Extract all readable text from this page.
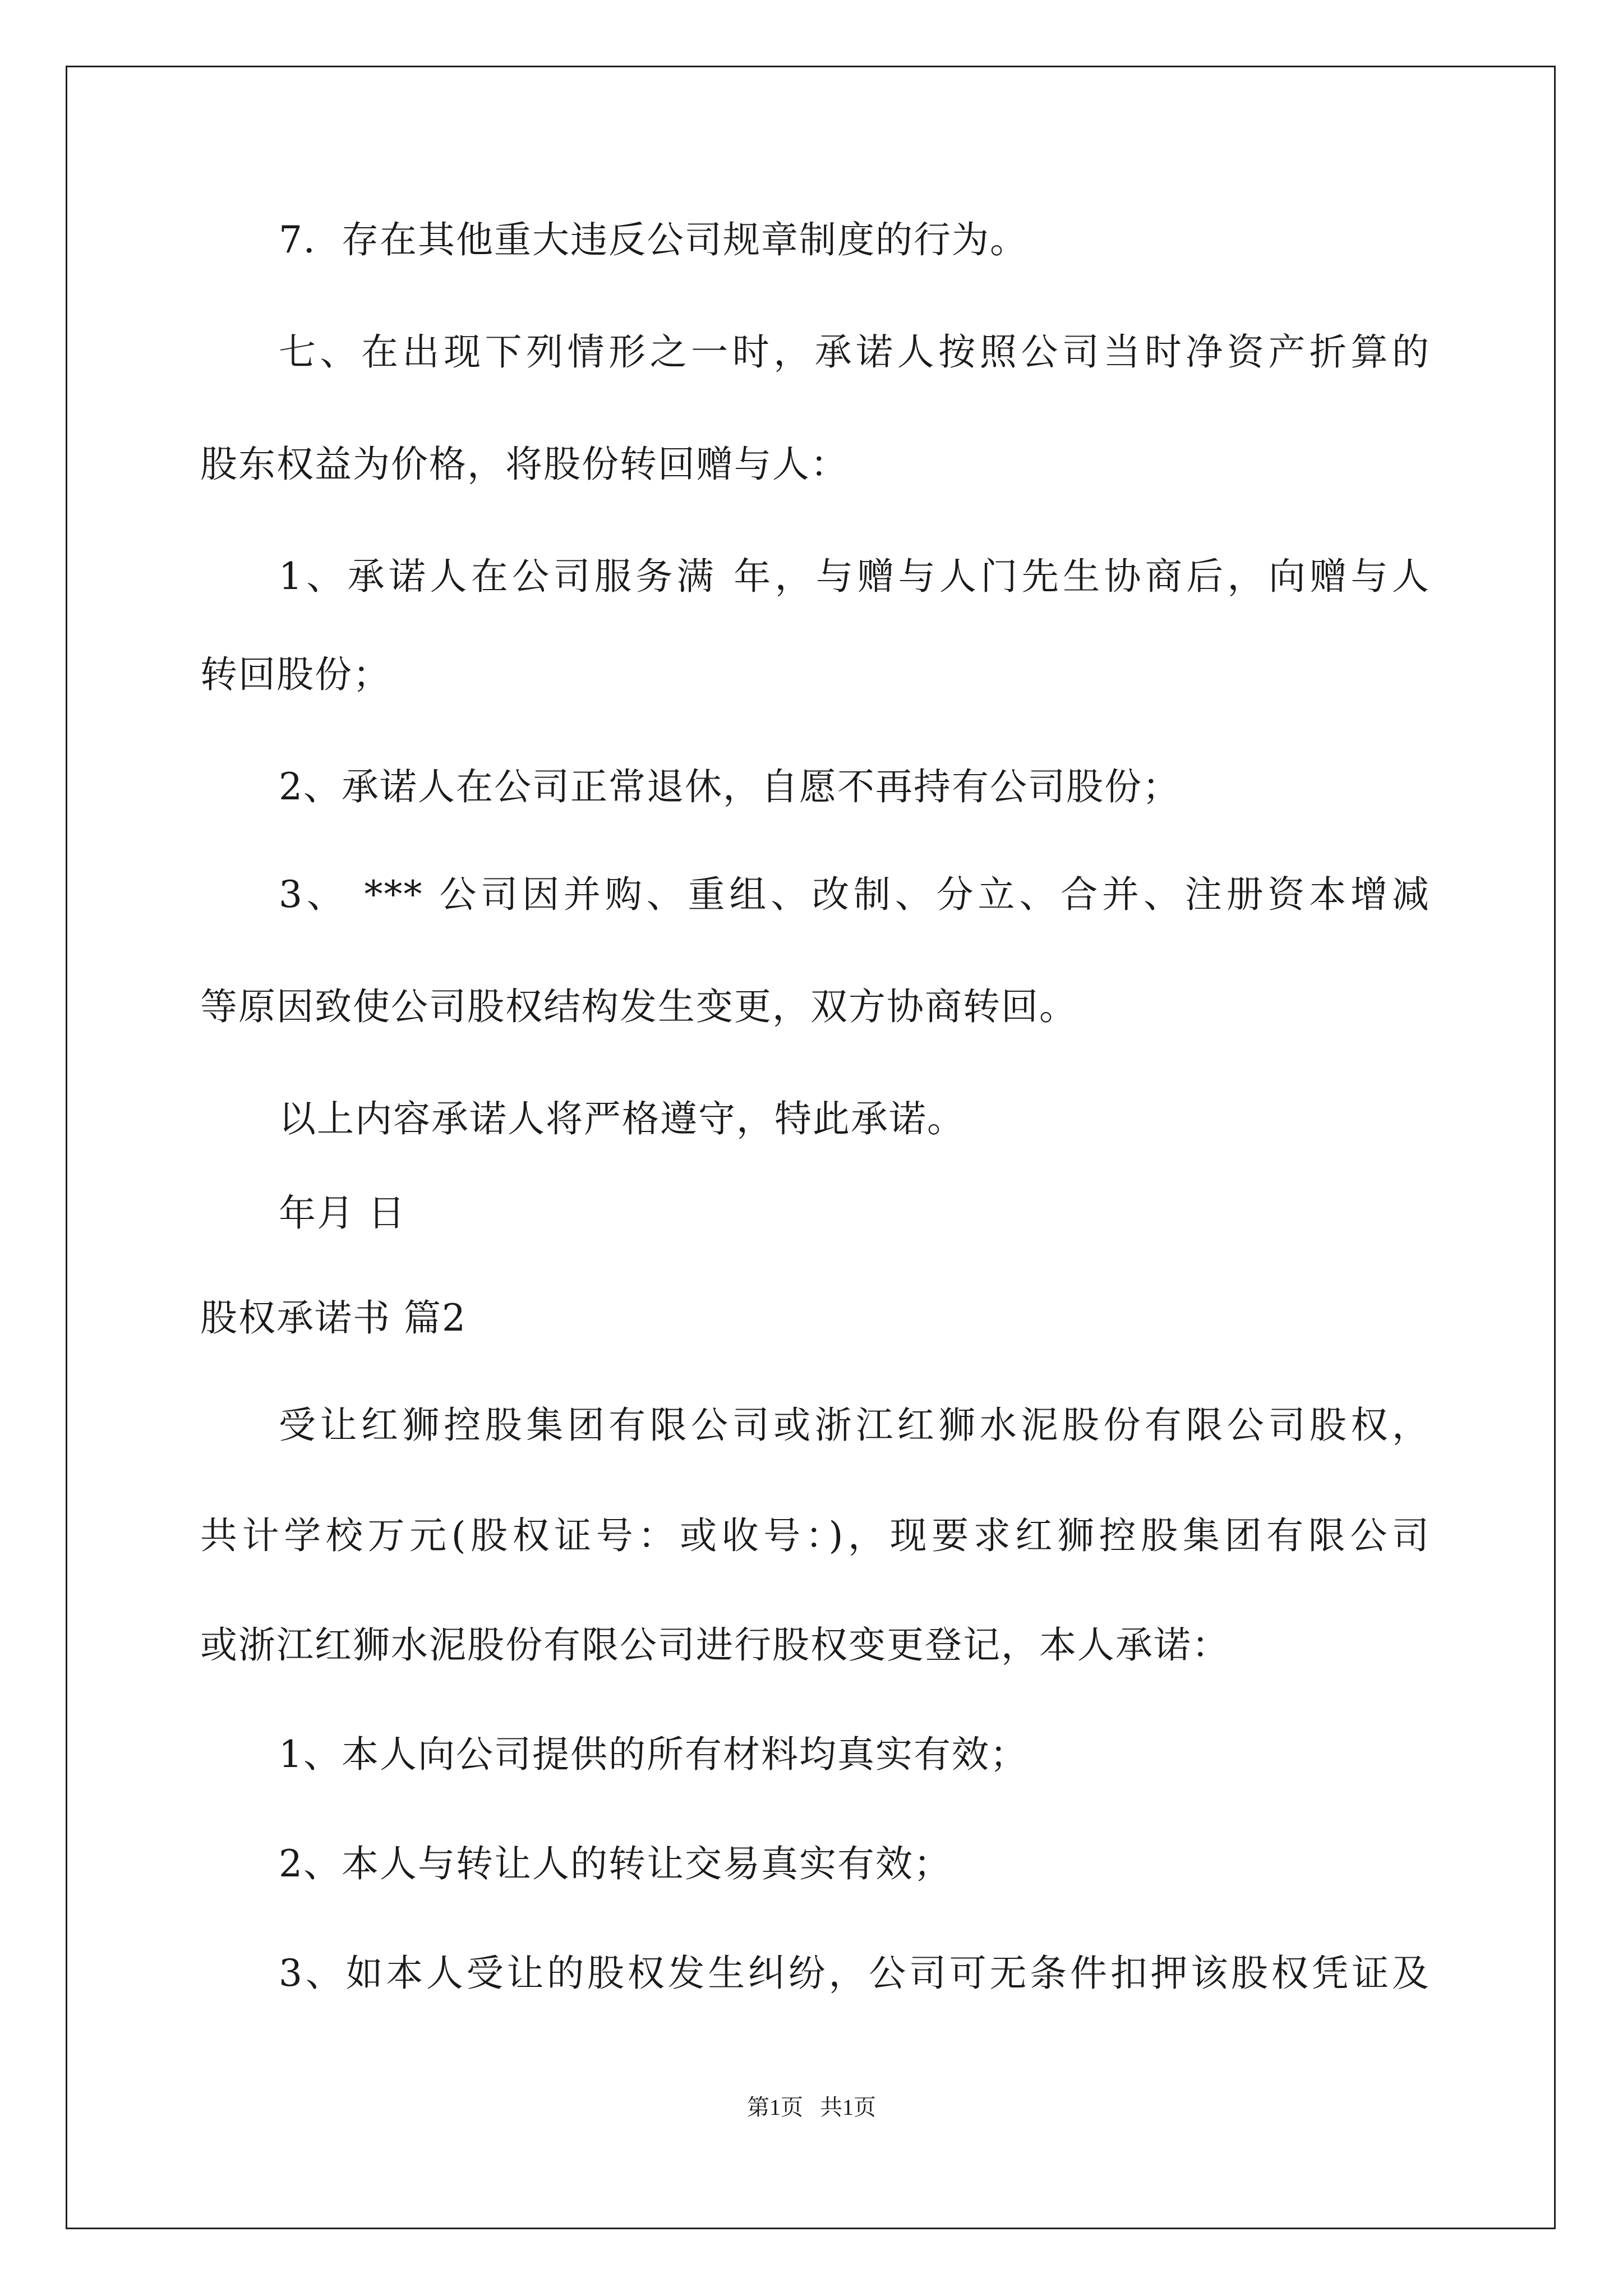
7．存在其他重大违反公司规章制度的行为。
七、在出现下列情形之一时，承诺人按照公司当时净资产折算的
股东权益为价格，将股份转回赠与人：
1、承诺人在公司服务满 年，与赠与人门先生协商后，向赠与人
转回股份；
2、承诺人在公司正常退休，自愿不再持有公司股份；
3、 *** 公司因并购、重组、改制、分立、合并、注册资本增减
等原因致使公司股权结构发生变更，双方协商转回。
以上内容承诺人将严格遵守，特此承诺。
年月 日
股权承诺书 篇2
受让红狮控股集团有限公司或浙江红狮水泥股份有限公司股权，
共计学校万元(股权证号：或收号：)，现要求红狮控股集团有限公司
或浙江红狮水泥股份有限公司进行股权变更登记，本人承诺：
1、本人向公司提供的所有材料均真实有效；
2、本人与转让人的转让交易真实有效；
3、如本人受让的股权发生纠纷，公司可无条件扣押该股权凭证及
第1页   共1页
